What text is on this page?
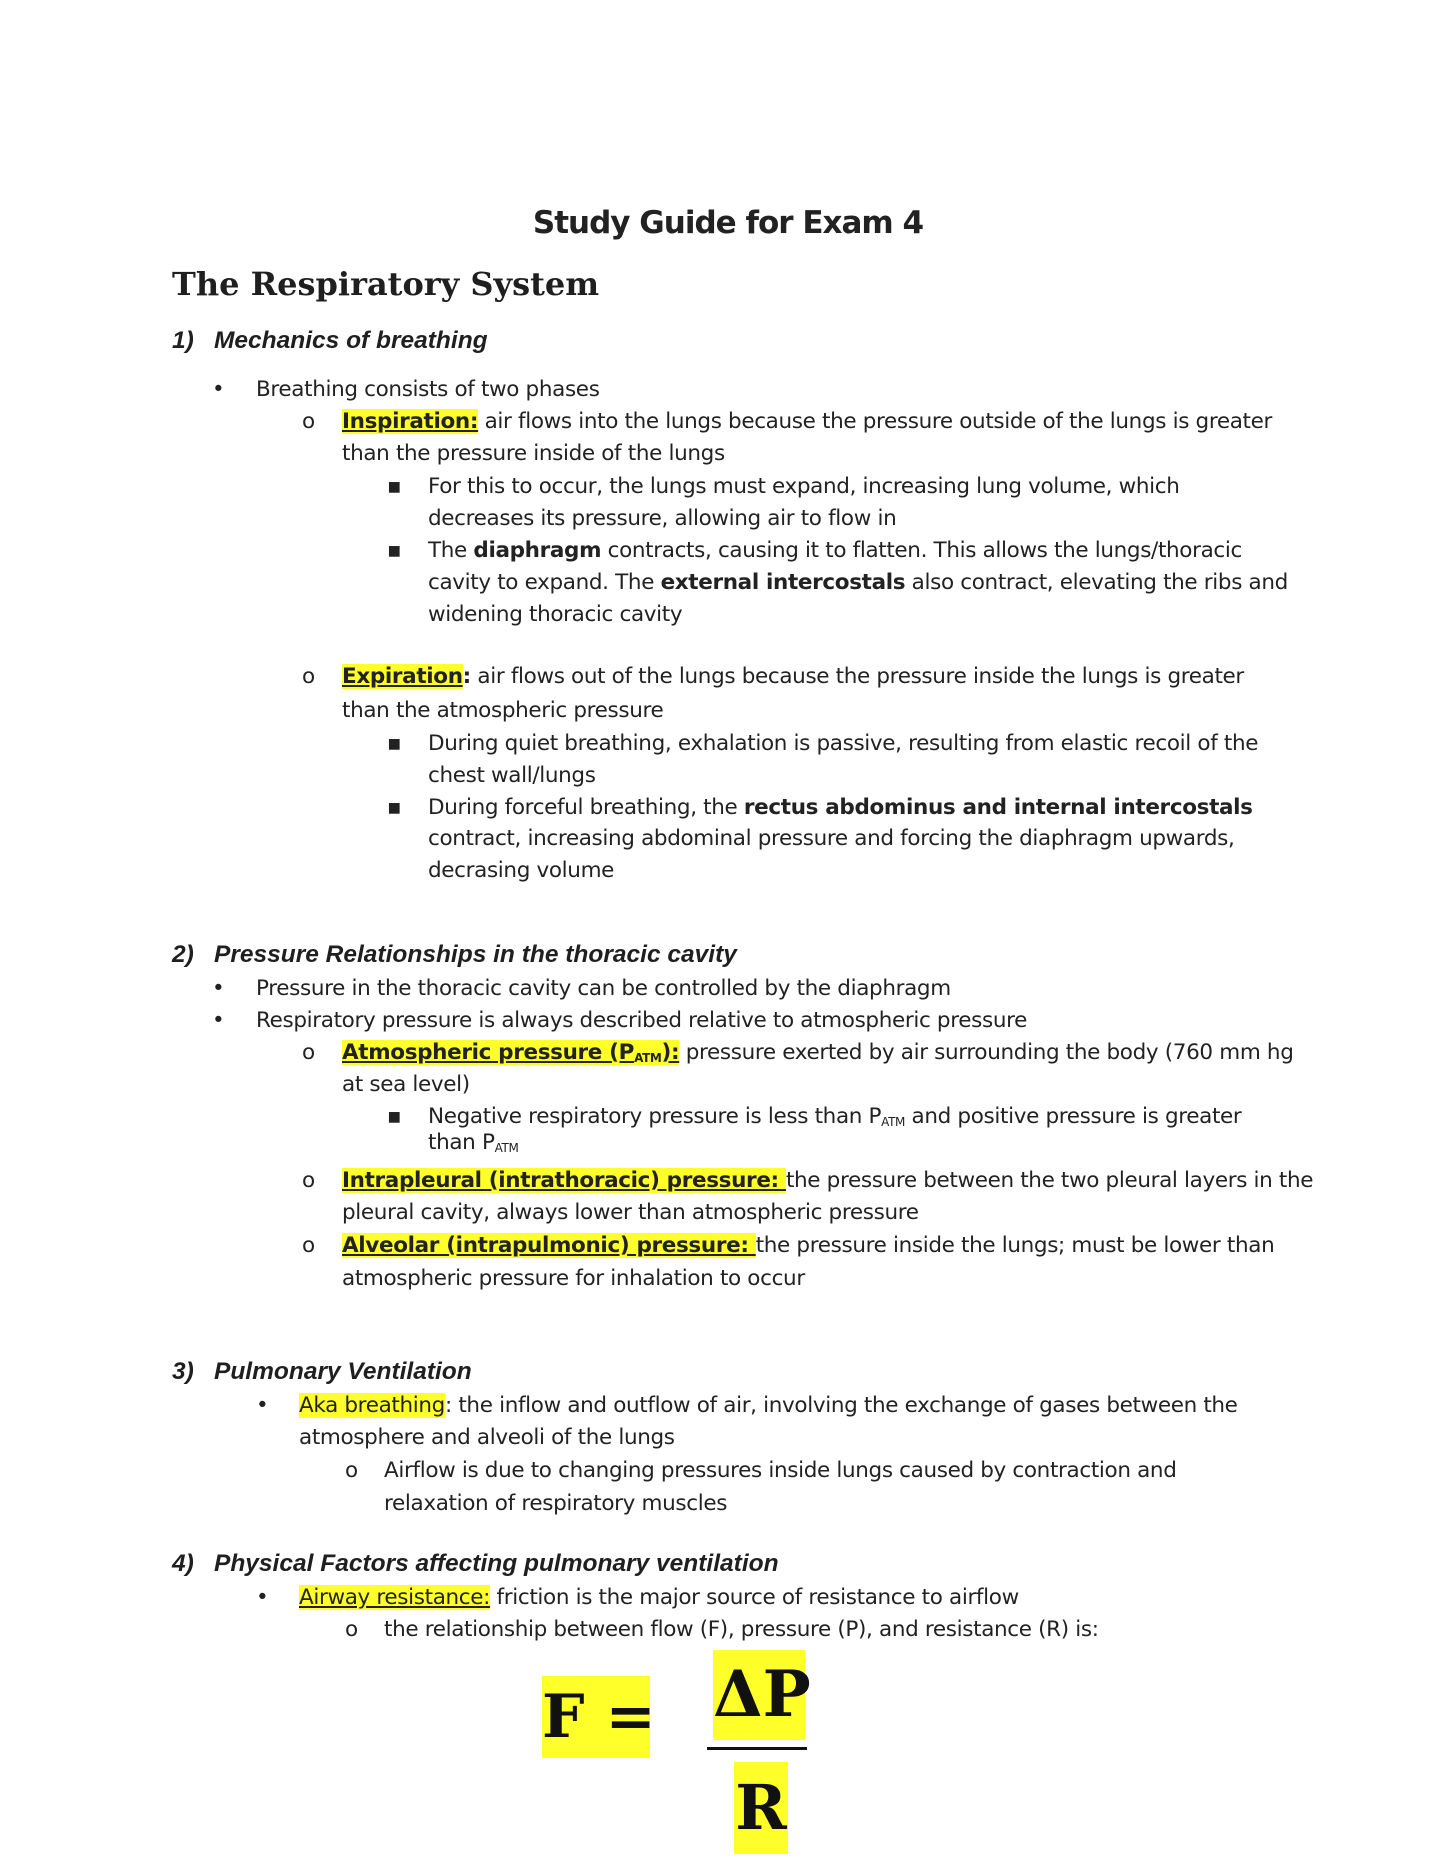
Study Guide for Exam 4
The Respiratory System
1) Mechanics of breathing
• Breathing consists of two phases
o Inspiration: air flows into the lungs because the pressure outside of the lungs is greater
than the pressure inside of the lungs
▪ For this to occur, the lungs must expand, increasing lung volume, which
decreases its pressure, allowing air to flow in
▪ The diaphragm contracts, causing it to flatten. This allows the lungs/thoracic
cavity to expand. The external intercostals also contract, elevating the ribs and
widening thoracic cavity
o Expiration: air flows out of the lungs because the pressure inside the lungs is greater
than the atmospheric pressure
▪ During quiet breathing, exhalation is passive, resulting from elastic recoil of the
chest wall/lungs
▪ During forceful breathing, the rectus abdominus and internal intercostals
contract, increasing abdominal pressure and forcing the diaphragm upwards,
decrasing volume
2) Pressure Relationships in the thoracic cavity
• Pressure in the thoracic cavity can be controlled by the diaphragm
• Respiratory pressure is always described relative to atmospheric pressure
o Atmospheric pressure $(P_{ATM})$: pressure exerted by air surrounding the body (760 mm hg
at sea level)
▪ Negative respiratory pressure is less than $P_{ATM}$ and positive pressure is greater
than $P_{ATM}$
o Intrapleural (intrathoracic) pressure: the pressure between the two pleural layers in the
pleural cavity, always lower than atmospheric pressure
o Alveolar (intrapulmonic) pressure: the pressure inside the lungs; must be lower than
atmospheric pressure for inhalation to occur
3) Pulmonary Ventilation
• Aka breathing: the inflow and outflow of air, involving the exchange of gases between the
atmosphere and alveoli of the lungs
o Airflow is due to changing pressures inside lungs caused by contraction and
relaxation of respiratory muscles
4) Physical Factors affecting pulmonary ventilation
• Airway resistance: friction is the major source of resistance to airflow
o the relationship between flow (F), pressure (P), and resistance (R) is:
F = ΔP
R
